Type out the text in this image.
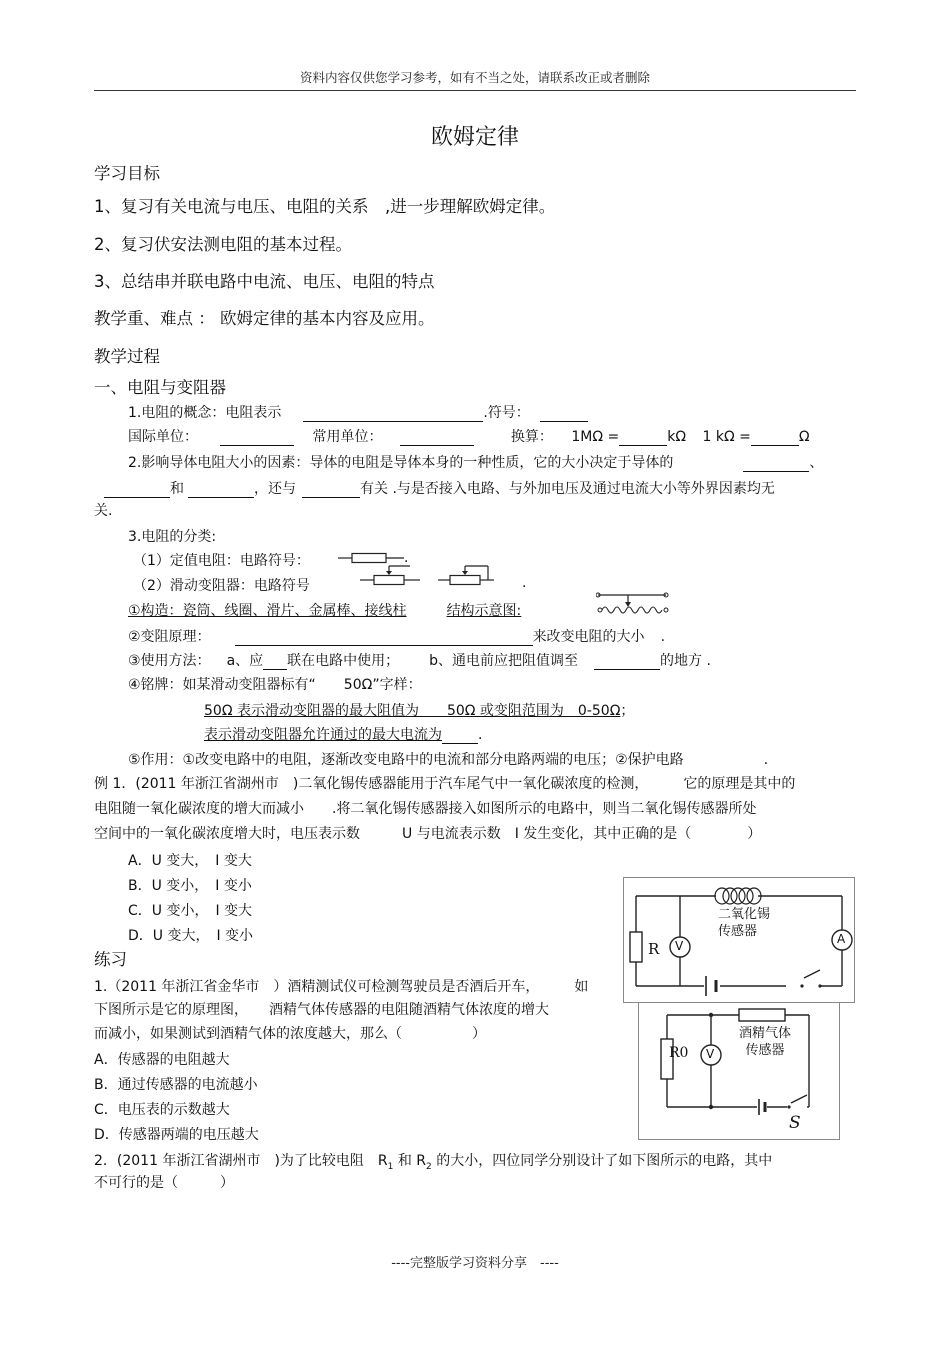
资料内容仅供您学习参考，如有不当之处，请联系改正或者删除
欧姆定律
学习目标
1、复习有关电流与电压、电阻的关系　,进一步理解欧姆定律。
2、复习伏安法测电阻的基本过程。
3、总结串并联电路中电流、电压、电阻的特点
教学重、难点 ： 欧姆定律的基本内容及应用。
教学过程
一、电阻与变阻器
1.电阻的概念：电阻表示	.符号：
国际单位：	常用单位：	换算： 1MΩ =	kΩ 1 kΩ =	Ω
2.影响导体电阻大小的因素：导体的电阻是导体本身的一种性质，它的大小决定于导体的	、
和	，还与	有关 .与是否接入电路、与外加电压及通过电流大小等外界因素均无
关.
3.电阻的分类:
（1）定值电阻：电路符号：	.
（2）滑动变阻器：电路符号	.
①构造：瓷筒、线圈、滑片、金属棒、接线柱	结构示意图:
②变阻原理：	来改变电阻的大小 .
③使用方法： a、应 联在电路中使用； b、通电前应把阻值调至	的地方 .
④铭牌：如某滑动变阻器标有“　　50Ω”字样：
50Ω 表示滑动变阻器的最大阻值为　　50Ω 或变阻范围为　0-50Ω；
表示滑动变阻器允许通过的最大电流为	.
⑤作用：①改变电路中的电阻，逐渐改变电路中的电流和部分电路两端的电压；②保护电路	.
例 1．(2011 年浙江省湖州市　)二氧化锡传感器能用于汽车尾气中一氧化碳浓度的检测，　　　它的原理是其中的
电阻随一氧化碳浓度的增大而减小　　.将二氧化锡传感器接入如图所示的电路中，则当二氧化锡传感器所处
空间中的一氧化碳浓度增大时，电压表示数　　　U 与电流表示数　I 发生变化，其中正确的是（　　　　）
A．U 变大，　I 变大
B．U 变小，　I 变小
C．U 变小，　I 变大
D．U 变大，　I 变小
R V	A
二氧化锡传感器
练习
1.（2011 年浙江省金华市　）酒精测试仪可检测驾驶员是否酒后开车，　　　如
下图所示是它的原理图，　　酒精气体传感器的电阻随酒精气体浓度的增大
而减小，如果测试到酒精气体的浓度越大，那么（　　　　　）
A．传感器的电阻越大
B．通过传感器的电流越小
C．电压表的示数越大
D．传感器两端的电压越大
R0 V
S
酒精气体传感器
2．(2011 年浙江省湖州市　)为了比较电阻　$R_1$ 和 $R_2$ 的大小，四位同学分别设计了如下图所示的电路，其中
不可行的是（　　　）
----完整版学习资料分享　----
